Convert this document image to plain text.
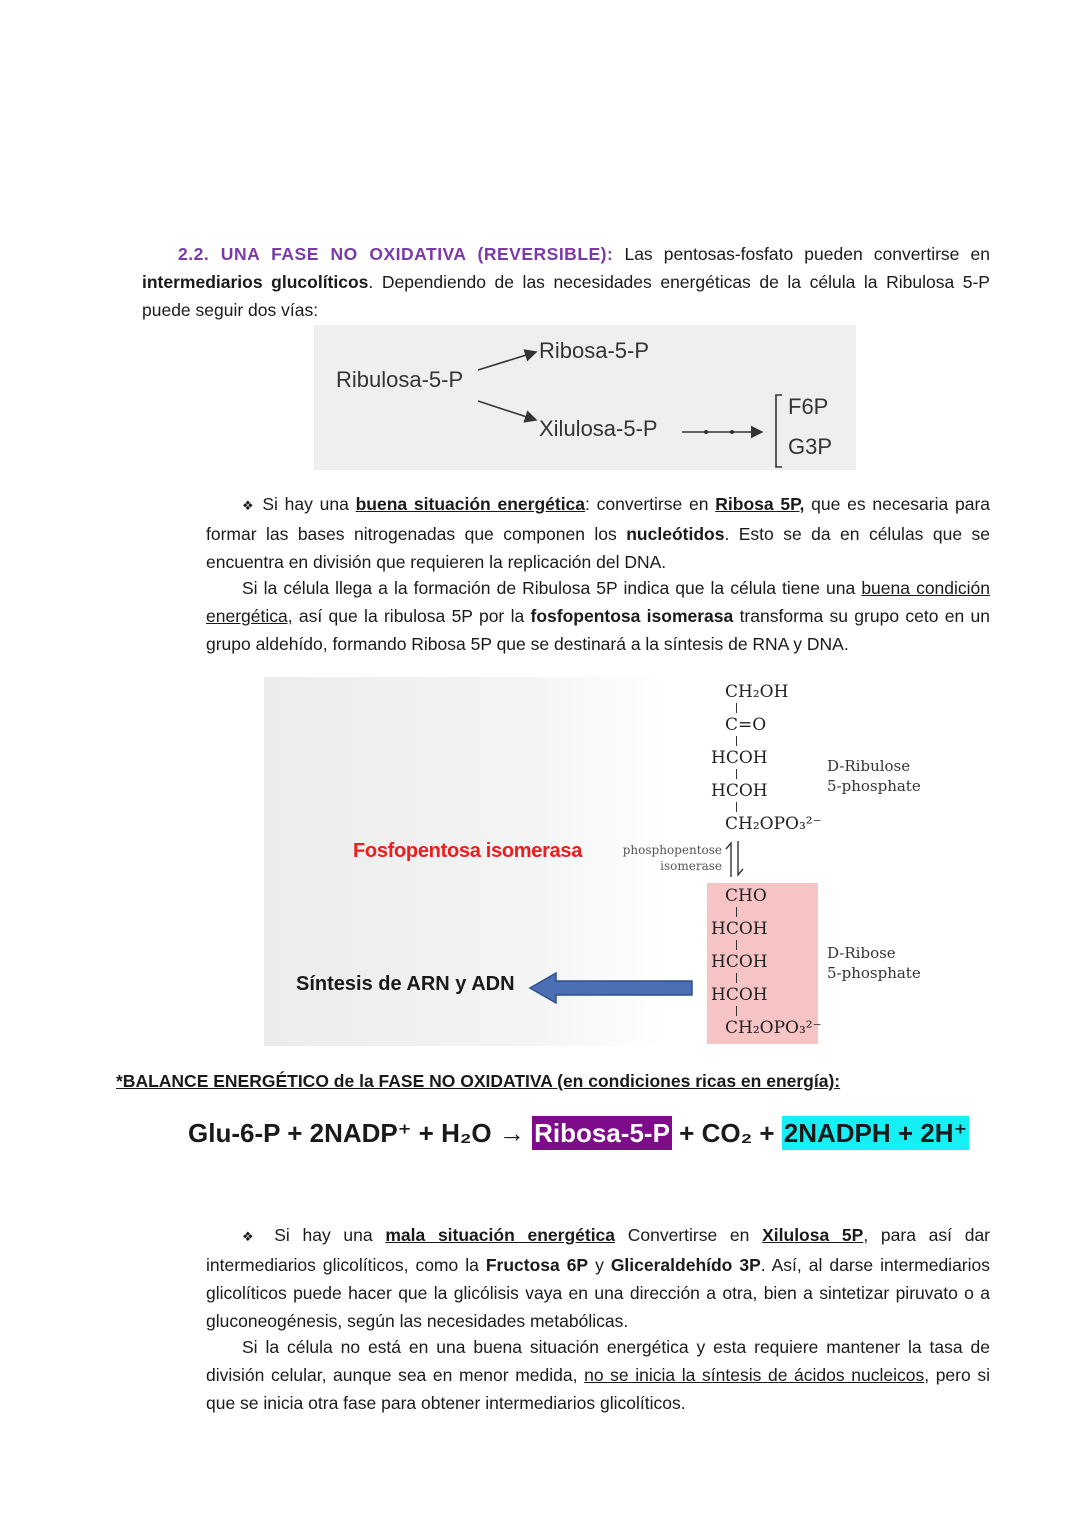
2.2. UNA FASE NO OXIDATIVA (REVERSIBLE): Las pentosas-fosfato pueden convertirse en intermediarios glucolíticos. Dependiendo de las necesidades energéticas de la célula la Ribulosa 5-P puede seguir dos vías:
Ribulosa-5-P
Ribosa-5-P
Xilulosa-5-P
F6P
G3P
❖ Si hay una buena situación energética: convertirse en Ribosa 5P, que es necesaria para formar las bases nitrogenadas que componen los nucleótidos. Esto se da en células que se encuentra en división que requieren la replicación del DNA.
Si la célula llega a la formación de Ribulosa 5P indica que la célula tiene una buena condición energética, así que la ribulosa 5P por la fosfopentosa isomerasa transforma su grupo ceto en un grupo aldehído, formando Ribosa 5P que se destinará a la síntesis de RNA y DNA.
CH₂OH
C=O
HCOH
HCOH
CH₂OPO₃²⁻
D-Ribulose
5-phosphate
phosphopentose
isomerase
CHO
HCOH
HCOH
HCOH
CH₂OPO₃²⁻
D-Ribose
5-phosphate
Fosfopentosa isomerasa
Síntesis de ARN y ADN
*BALANCE ENERGÉTICO de la FASE NO OXIDATIVA (en condiciones ricas en energía):
Glu-6-P + 2NADP⁺ + H₂O → Ribosa-5-P + CO₂ + 2NADPH + 2H⁺
❖ Si hay una mala situación energética Convertirse en Xilulosa 5P, para así dar intermediarios glicolíticos, como la Fructosa 6P y Gliceraldehído 3P. Así, al darse intermediarios glicolíticos puede hacer que la glicólisis vaya en una dirección a otra, bien a sintetizar piruvato o a gluconeogénesis, según las necesidades metabólicas.
Si la célula no está en una buena situación energética y esta requiere mantener la tasa de división celular, aunque sea en menor medida, no se inicia la síntesis de ácidos nucleicos, pero si que se inicia otra fase para obtener intermediarios glicolíticos.
